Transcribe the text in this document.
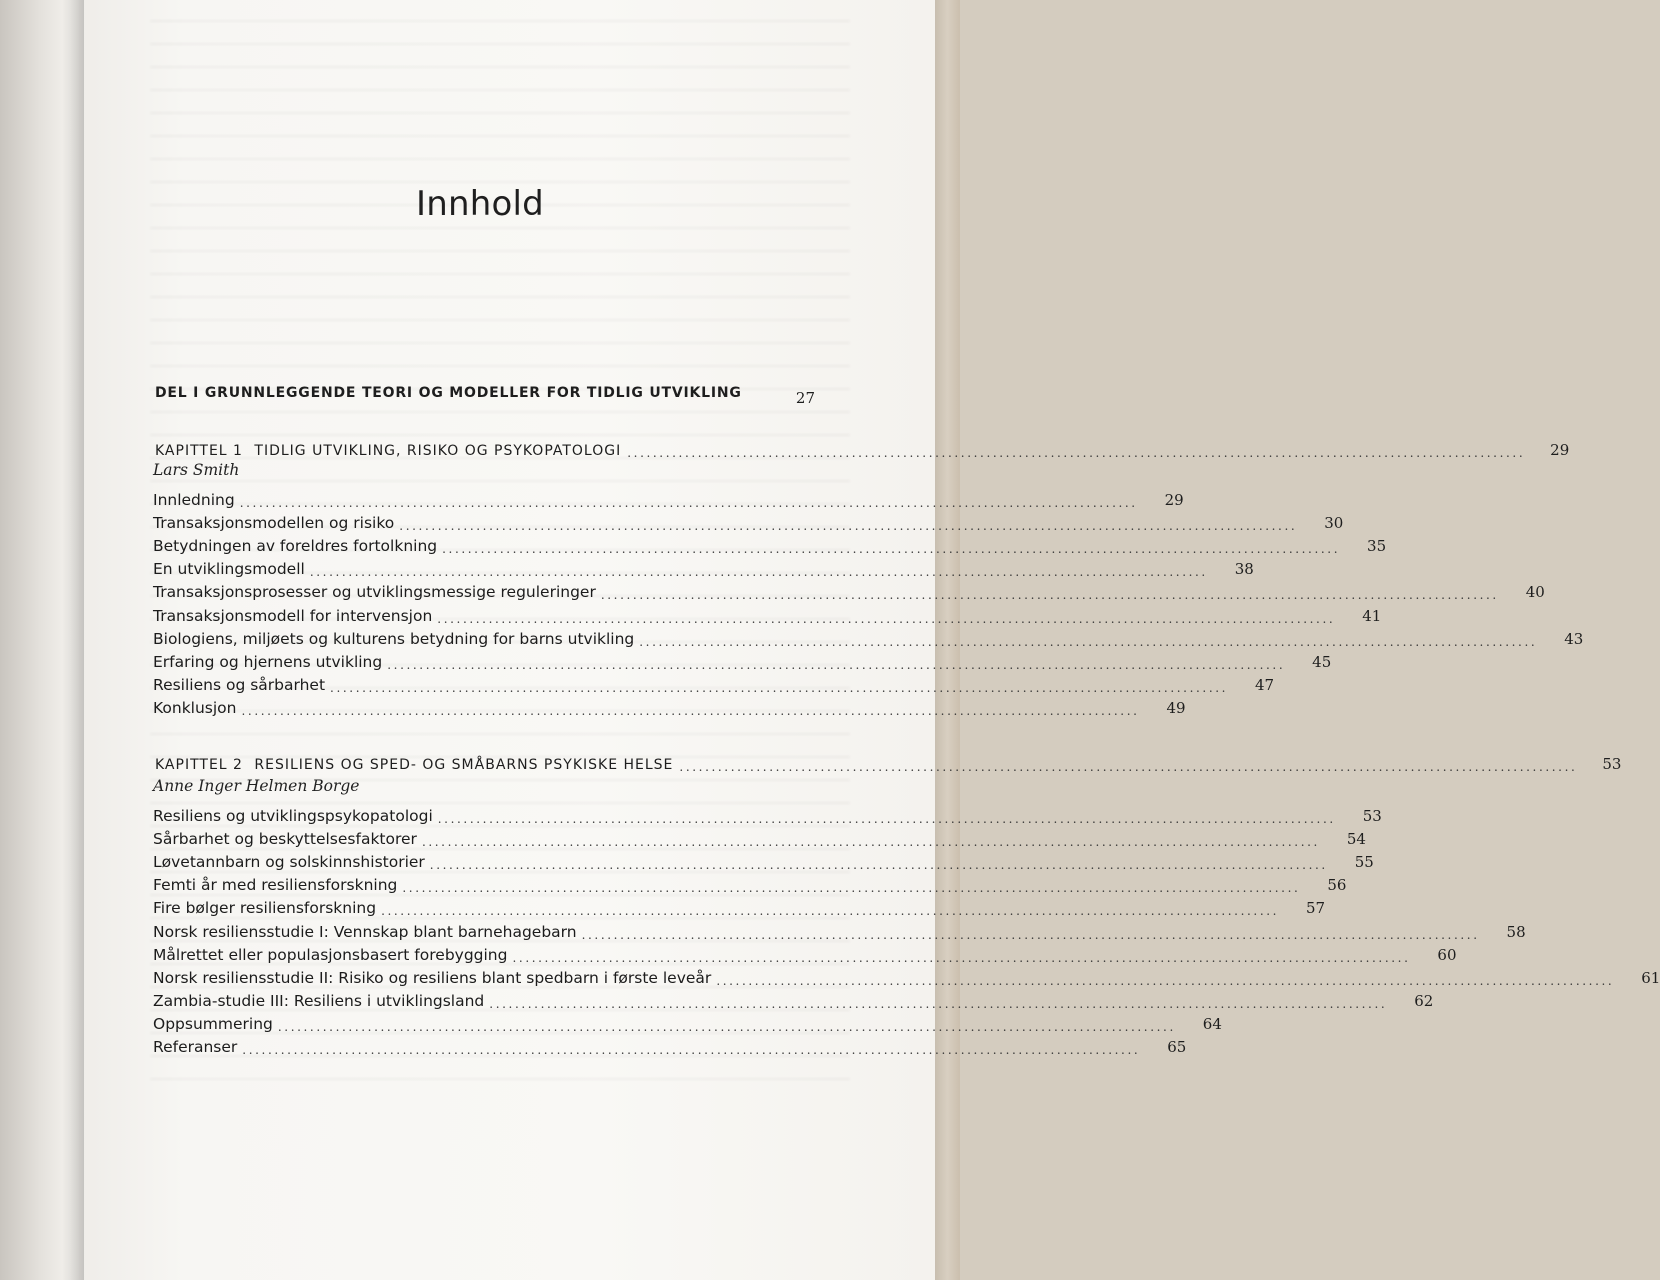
Innhold
DEL I GRUNNLEGGENDE TEORI OG MODELLER FOR TIDLIG UTVIKLING	27
KAPITTEL 1 TIDLIG UTVIKLING, RISIKO OG PSYKOPATOLOGI ............................................................................................................................................	29
Lars Smith
Innledning ............................................................................................................................................	29
Transaksjonsmodellen og risiko ............................................................................................................................................	30
Betydningen av foreldres fortolkning ............................................................................................................................................	35
En utviklingsmodell ............................................................................................................................................	38
Transaksjonsprosesser og utviklingsmessige reguleringer ............................................................................................................................................	40
Transaksjonsmodell for intervensjon ............................................................................................................................................	41
Biologiens, miljøets og kulturens betydning for barns utvikling ............................................................................................................................................	43
Erfaring og hjernens utvikling ............................................................................................................................................	45
Resiliens og sårbarhet ............................................................................................................................................	47
Konklusjon ............................................................................................................................................	49
KAPITTEL 2 RESILIENS OG SPED- OG SMÅBARNS PSYKISKE HELSE ............................................................................................................................................	53
Anne Inger Helmen Borge
Resiliens og utviklingspsykopatologi ............................................................................................................................................	53
Sårbarhet og beskyttelsesfaktorer ............................................................................................................................................	54
Løvetannbarn og solskinnshistorier ............................................................................................................................................	55
Femti år med resiliensforskning ............................................................................................................................................	56
Fire bølger resiliensforskning ............................................................................................................................................	57
Norsk resiliensstudie I: Vennskap blant barnehagebarn ............................................................................................................................................	58
Målrettet eller populasjonsbasert forebygging ............................................................................................................................................	60
Norsk resiliensstudie II: Risiko og resiliens blant spedbarn i første leveår ............................................................................................................................................	61
Zambia-studie III: Resiliens i utviklingsland ............................................................................................................................................	62
Oppsummering ............................................................................................................................................	64
Referanser ............................................................................................................................................	65
